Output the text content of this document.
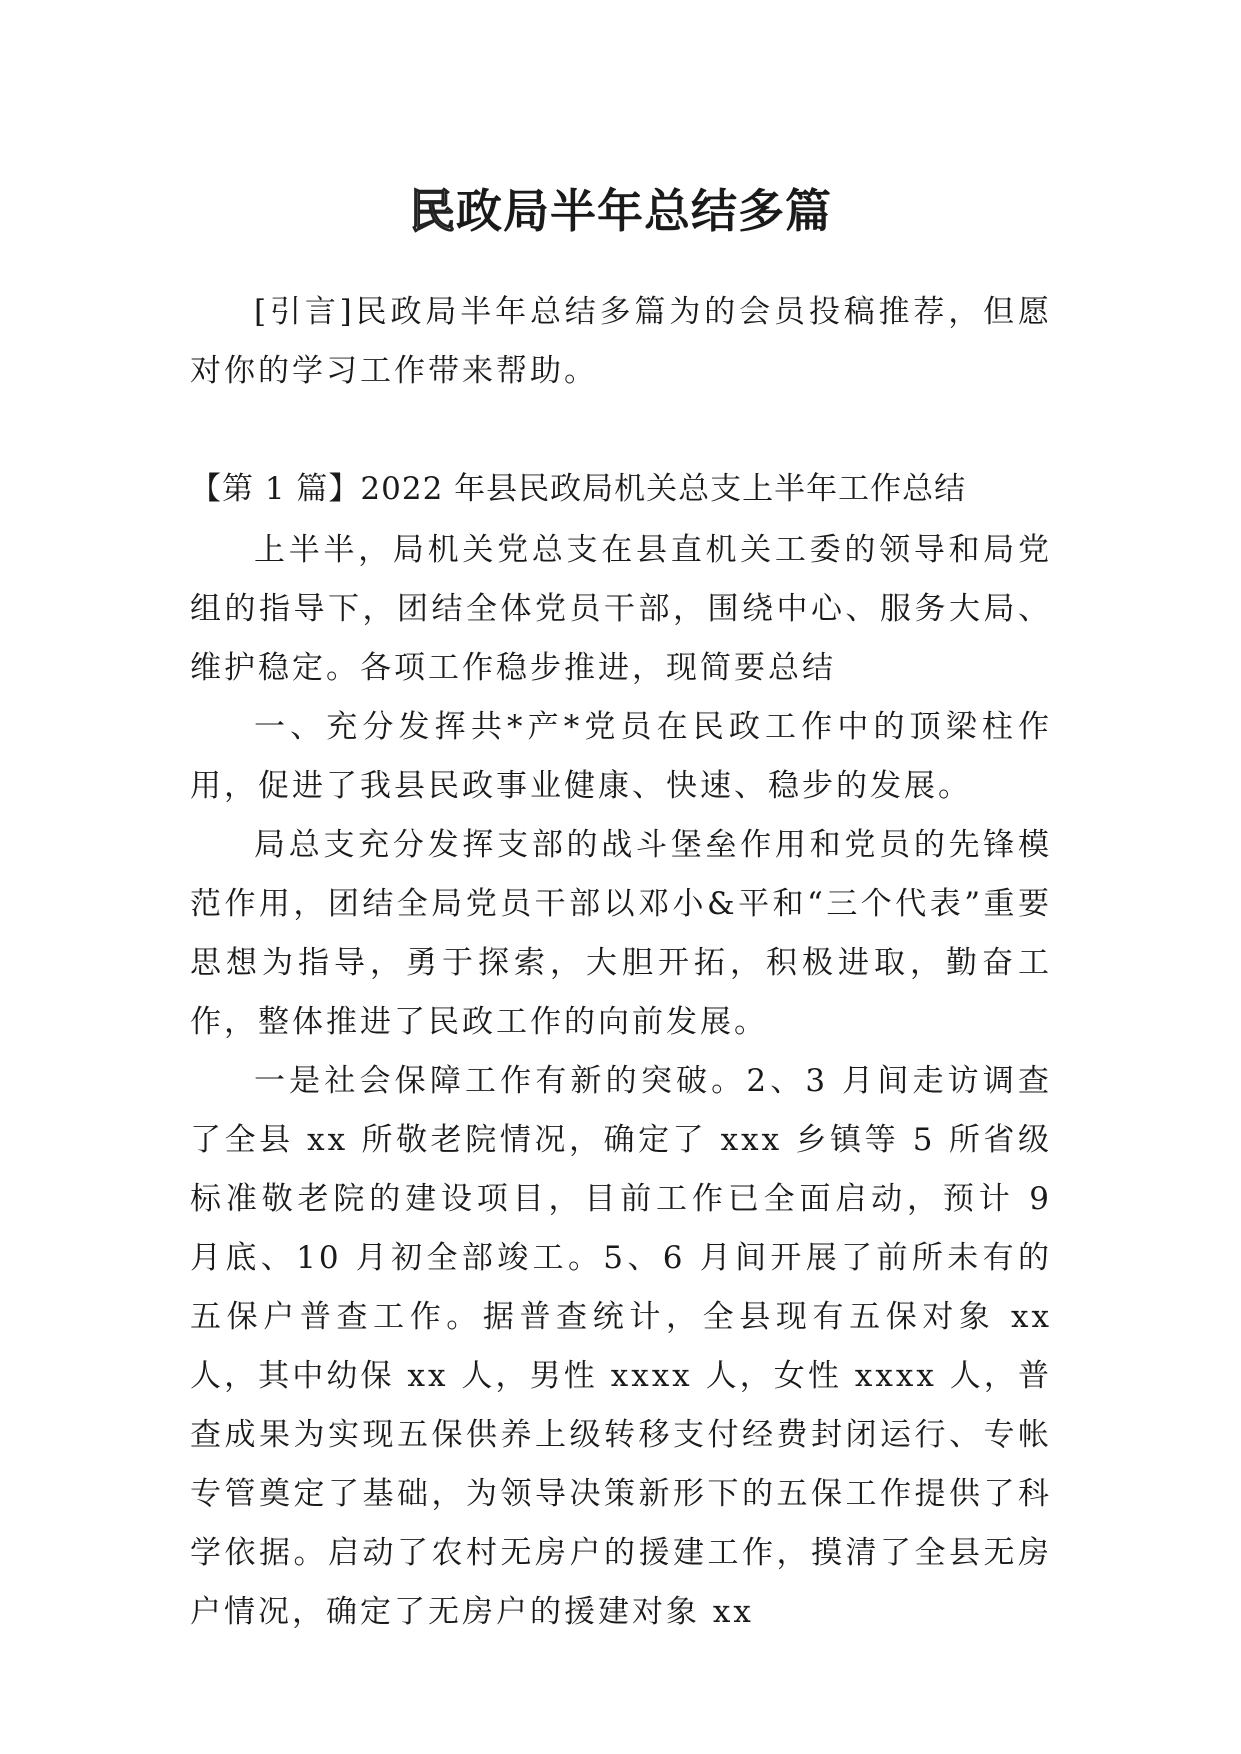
民政局半年总结多篇

[引言]民政局半年总结多篇为的会员投稿推荐，但愿对你的学习工作带来帮助。

【第 1 篇】2022 年县民政局机关总支上半年工作总结

上半半，局机关党总支在县直机关工委的领导和局党组的指导下，团结全体党员干部，围绕中心、服务大局、维护稳定。各项工作稳步推进，现简要总结

一、充分发挥共*产*党员在民政工作中的顶梁柱作用，促进了我县民政事业健康、快速、稳步的发展。

局总支充分发挥支部的战斗堡垒作用和党员的先锋模范作用，团结全局党员干部以邓小&平和“三个代表”重要思想为指导，勇于探索，大胆开拓，积极进取，勤奋工作，整体推进了民政工作的向前发展。

一是社会保障工作有新的突破。2、3 月间走访调查了全县 xx 所敬老院情况，确定了 xxx 乡镇等 5 所省级标准敬老院的建设项目，目前工作已全面启动，预计 9 月底、10 月初全部竣工。5、6 月间开展了前所未有的五保户普查工作。据普查统计，全县现有五保对象 xx 人，其中幼保 xx 人，男性 xxxx 人，女性 xxxx 人，普查成果为实现五保供养上级转移支付经费封闭运行、专帐专管奠定了基础，为领导决策新形下的五保工作提供了科学依据。启动了农村无房户的援建工作，摸清了全县无房户情况，确定了无房户的援建对象 xx
